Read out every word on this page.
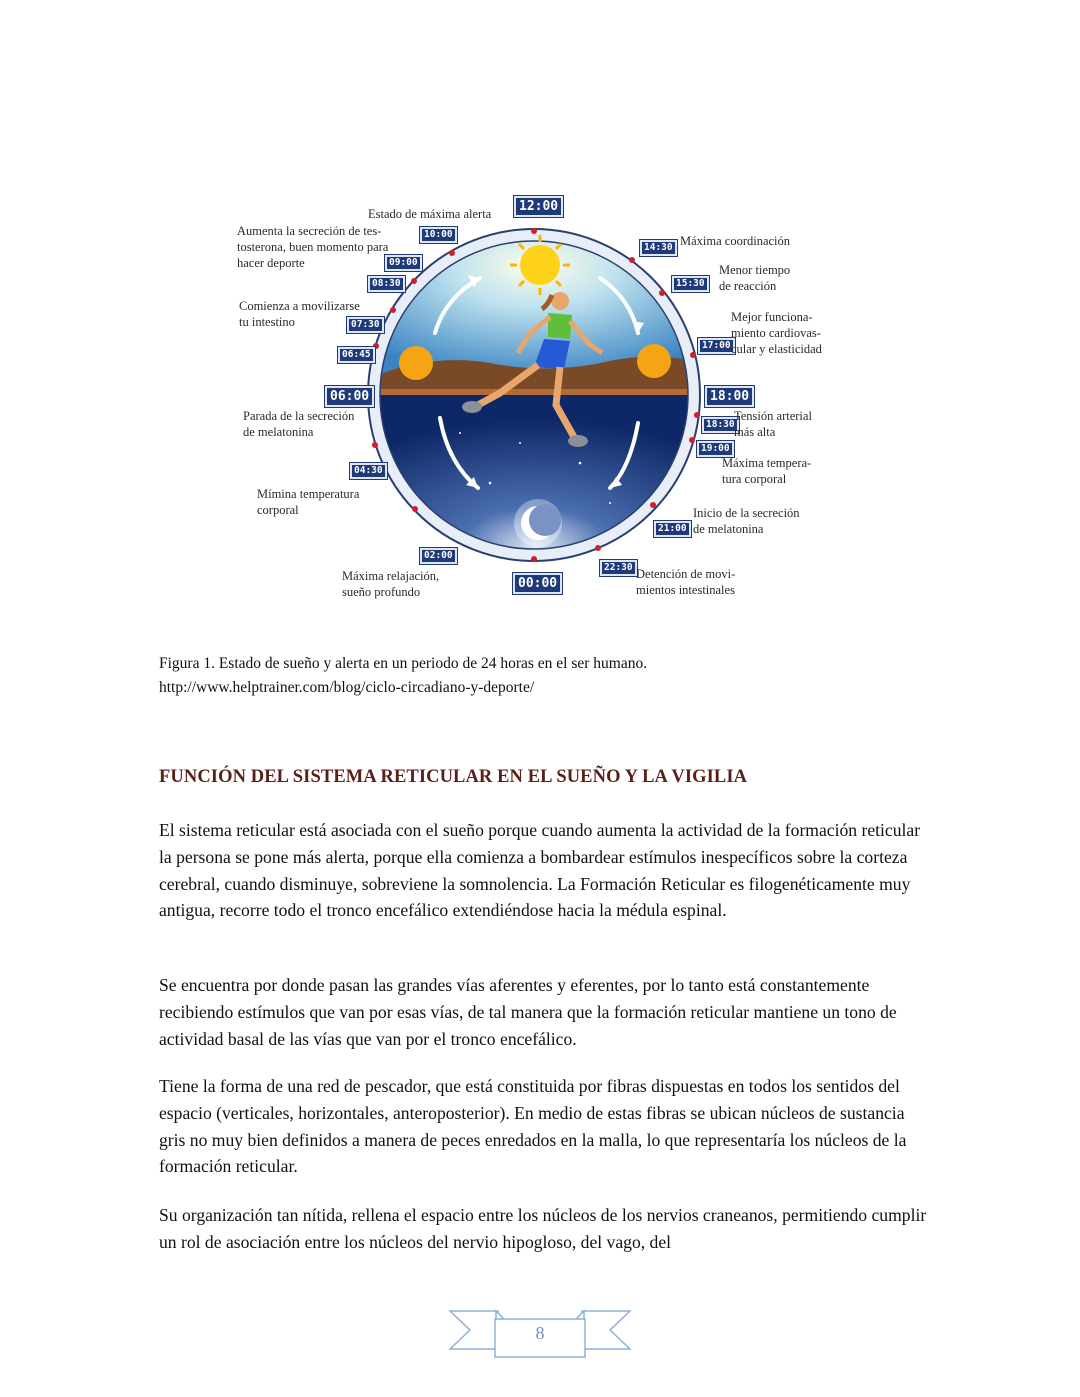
12:00
10:00
09:00
08:30
07:30
06:45
06:00
04:30
02:00
00:00
22:30
21:00
19:00
18:30
18:00
17:00
15:30
14:30
Estado de máxima alerta
Aumenta la secreción de tes-
tosterona, buen momento para
hacer deporte
Comienza a movilizarse
tu intestino
Parada de la secreción
de melatonina
Mímina temperatura
corporal
Máxima relajación,
sueño profundo
Máxima coordinación
Menor tiempo
de reacción
Mejor funciona-
miento cardiovas-
cular y elasticidad
Tensión arterial
más alta
Máxima tempera-
tura corporal
Inicio de la secreción
de melatonina
Detención de movi-
mientos intestinales
Figura 1. Estado de sueño y alerta en un periodo de 24 horas en el ser humano.
http://www.helptrainer.com/blog/ciclo-circadiano-y-deporte/
FUNCIÓN DEL SISTEMA RETICULAR EN EL SUEÑO Y LA VIGILIA

El sistema reticular está asociada con el sueño porque cuando aumenta la actividad de la formación reticular la persona se pone más alerta, porque ella comienza a bombardear estímulos inespecíficos sobre la corteza cerebral, cuando disminuye, sobreviene la somnolencia. La Formación Reticular es filogenéticamente muy antigua, recorre todo el tronco encefálico extendiéndose hacia la médula espinal.

Se encuentra por donde pasan las grandes vías aferentes y eferentes, por lo tanto está constantemente recibiendo estímulos que van por esas vías, de tal manera que la formación reticular mantiene un tono de actividad basal de las vías que van por el tronco encefálico.

Tiene la forma de una red de pescador, que está constituida por fibras dispuestas en todos los sentidos del espacio (verticales, horizontales, anteroposterior). En medio de estas fibras se ubican núcleos de sustancia gris no muy bien definidos a manera de peces enredados en la malla, lo que representaría los núcleos de la formación reticular.

Su organización tan nítida, rellena el espacio entre los núcleos de los nervios craneanos, permitiendo cumplir un rol de asociación entre los núcleos del nervio hipogloso, del vago, del

8
